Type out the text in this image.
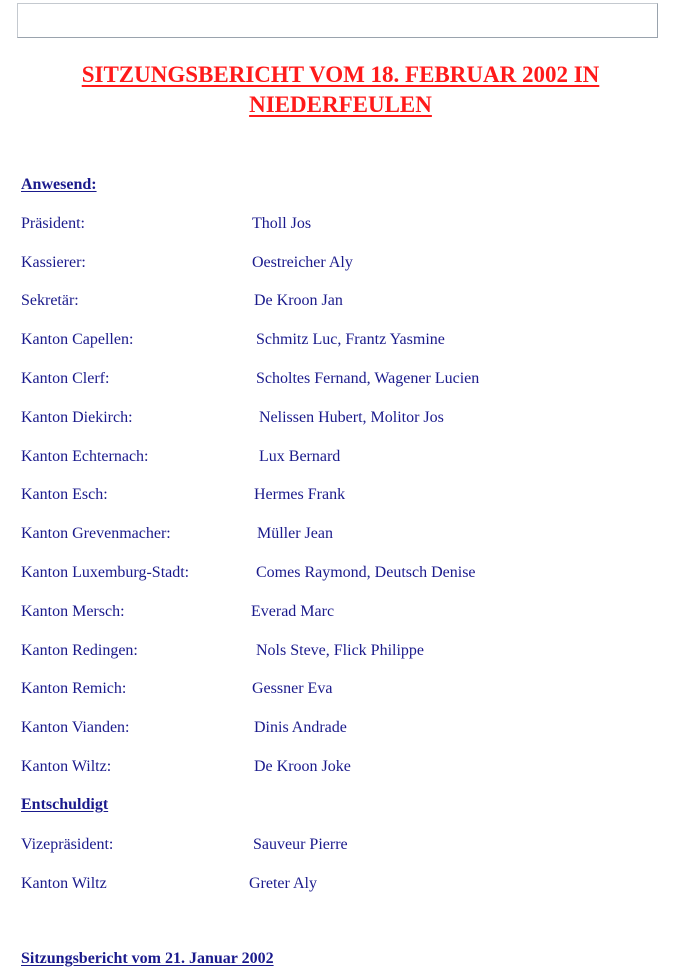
SITZUNGSBERICHT VOM 18. FEBRUAR 2002 IN
NIEDERFEULEN
Anwesend:
Präsident:	Tholl Jos
Kassierer:	Oestreicher Aly
Sekretär:	De Kroon Jan
Kanton Capellen:	Schmitz Luc, Frantz Yasmine
Kanton Clerf:	Scholtes Fernand, Wagener Lucien
Kanton Diekirch:	Nelissen Hubert, Molitor Jos
Kanton Echternach:	Lux Bernard
Kanton Esch:	Hermes Frank
Kanton Grevenmacher:	Müller Jean
Kanton Luxemburg-Stadt:	Comes Raymond, Deutsch Denise
Kanton Mersch:	Everad Marc
Kanton Redingen:	Nols Steve, Flick Philippe
Kanton Remich:	Gessner Eva
Kanton Vianden:	Dinis Andrade
Kanton Wiltz:	De Kroon Joke
Entschuldigt
Vizepräsident:	Sauveur Pierre
Kanton Wiltz	Greter Aly
Sitzungsbericht vom 21. Januar 2002
